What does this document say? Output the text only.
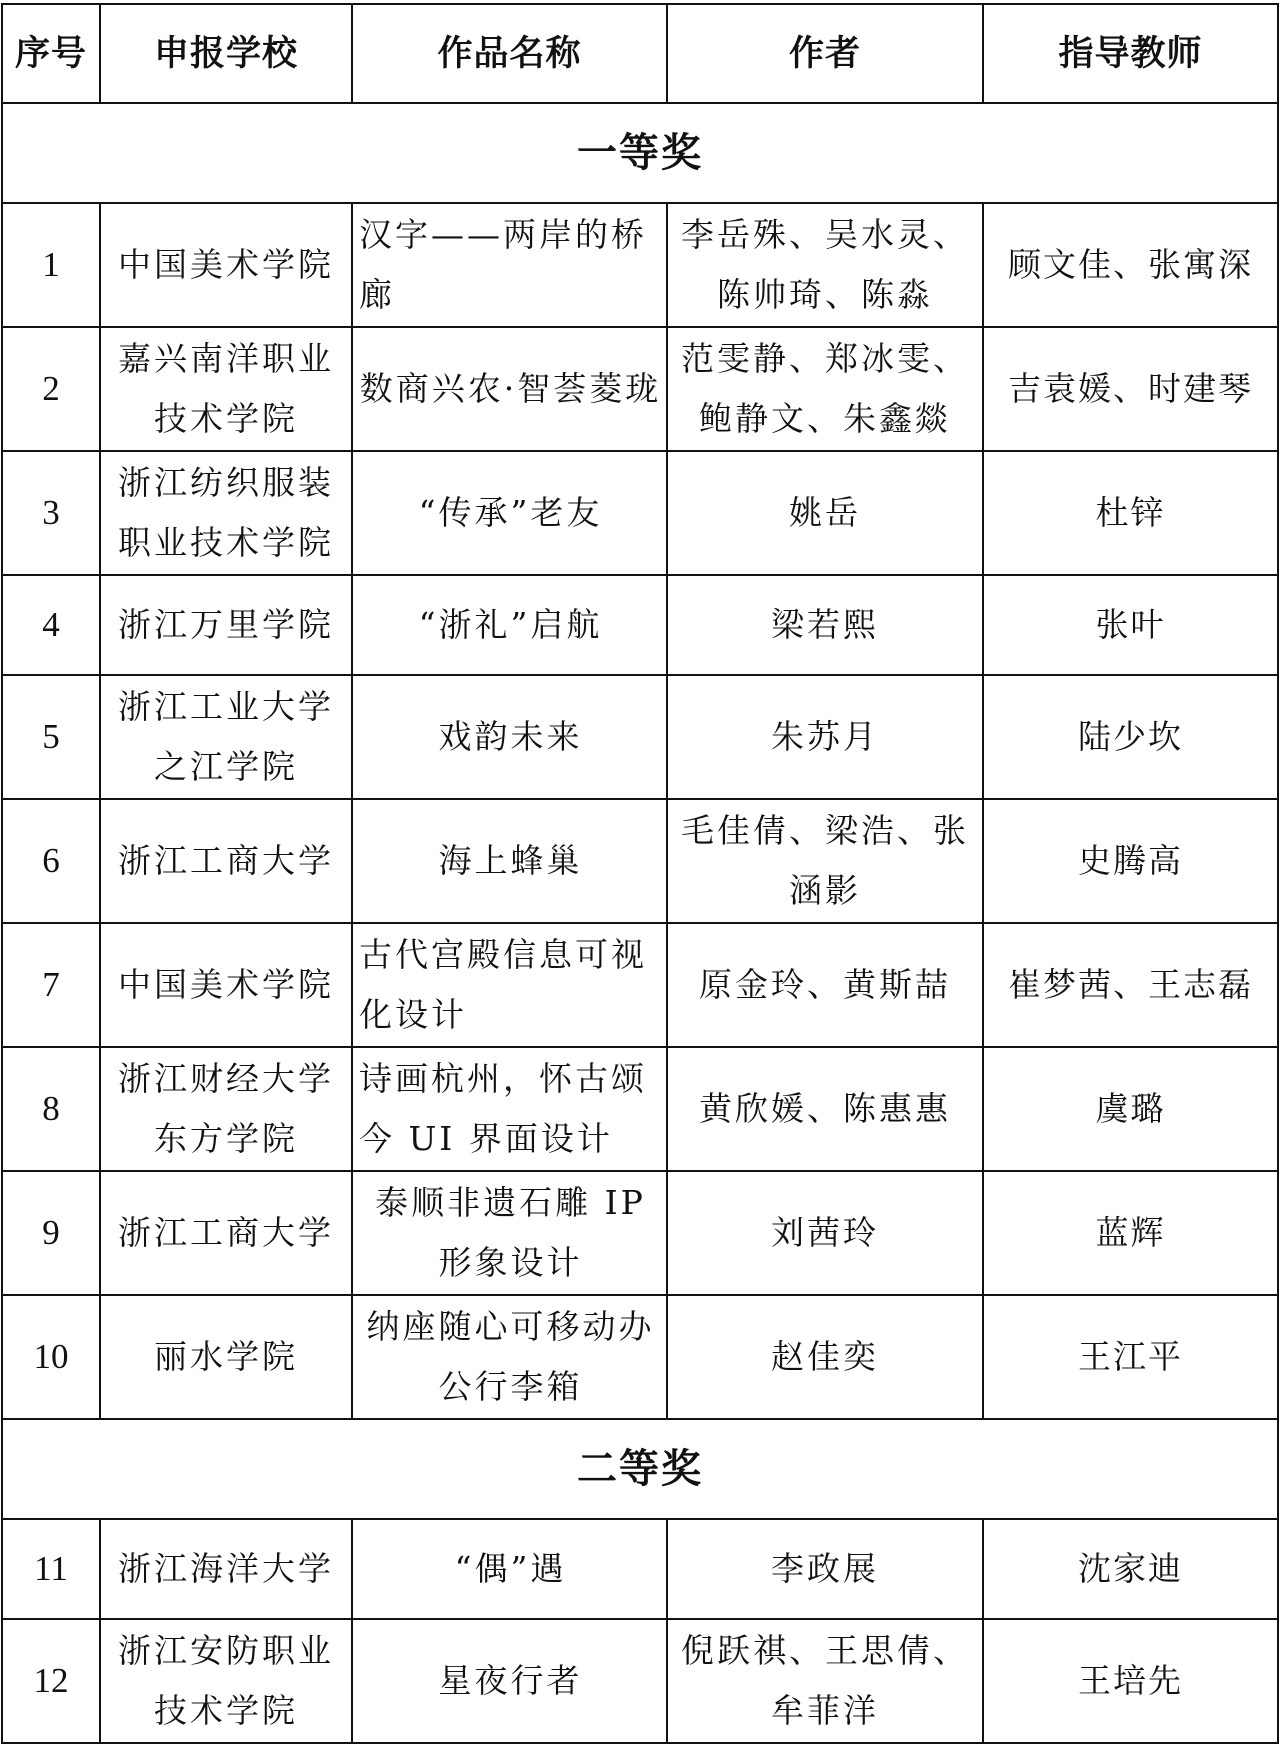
序号	申报学校	作品名称	作者	指导教师
一等奖				
1	中国美术学院	汉字——两岸的桥廊	李岳殊、吴水灵、陈帅琦、陈淼	顾文佳、张寓深
2	嘉兴南洋职业技术学院	数商兴农·智荟菱珑	范雯静、郑冰雯、鲍静文、朱鑫燚	吉袁媛、时建琴
3	浙江纺织服装职业技术学院	“传承”老友	姚岳	杜锌
4	浙江万里学院	“浙礼”启航	梁若熙	张叶
5	浙江工业大学之江学院	戏韵未来	朱苏月	陆少坎
6	浙江工商大学	海上蜂巢	毛佳倩、梁浩、张涵影	史腾高
7	中国美术学院	古代宫殿信息可视化设计	原金玲、黄斯喆	崔梦茜、王志磊
8	浙江财经大学东方学院	诗画杭州，怀古颂今 UI 界面设计	黄欣媛、陈惠惠	虞璐
9	浙江工商大学	泰顺非遗石雕 IP 形象设计	刘茜玲	蓝辉
10	丽水学院	纳座随心可移动办公行李箱	赵佳奕	王江平
二等奖				
11	浙江海洋大学	“偶”遇	李政展	沈家迪
12	浙江安防职业技术学院	星夜行者	倪跃祺、王思倩、牟菲洋	王培先
